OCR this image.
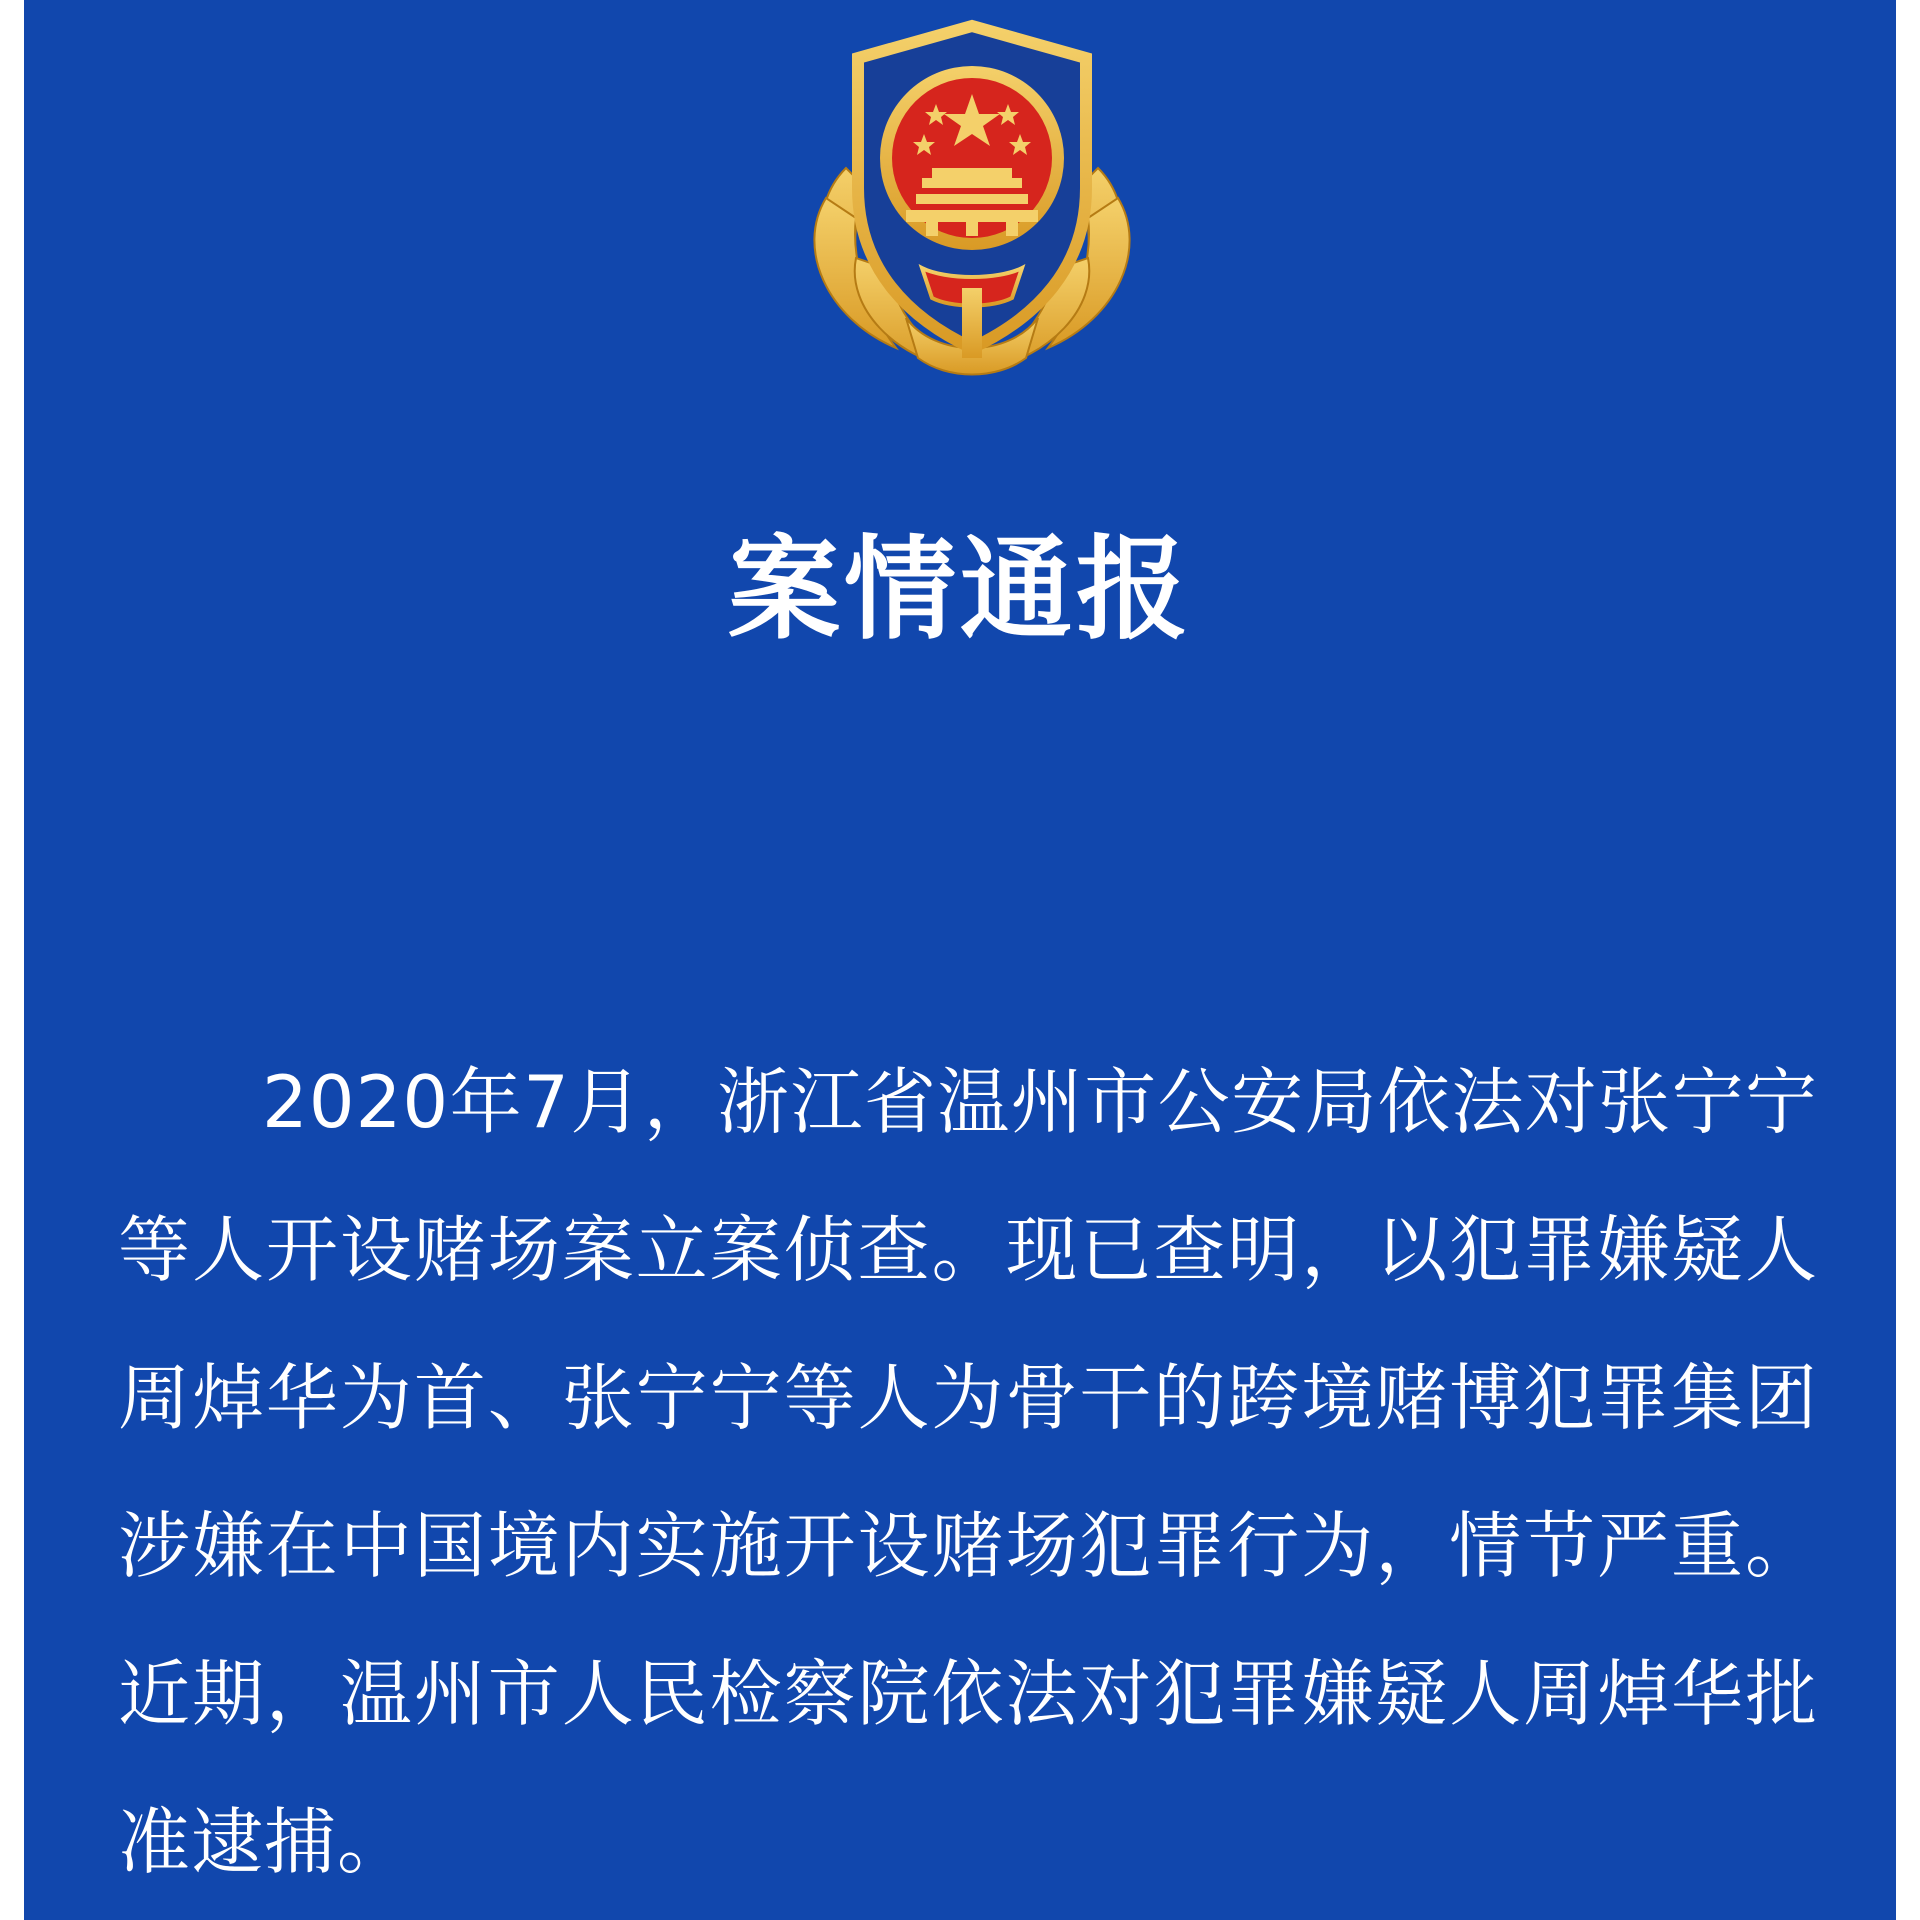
案情通报

2020年7月，浙江省温州市公安局依法对张宁宁等人开设赌场案立案侦查。现已查明，以犯罪嫌疑人周焯华为首、张宁宁等人为骨干的跨境赌博犯罪集团涉嫌在中国境内实施开设赌场犯罪行为，情节严重。近期，温州市人民检察院依法对犯罪嫌疑人周焯华批准逮捕。
